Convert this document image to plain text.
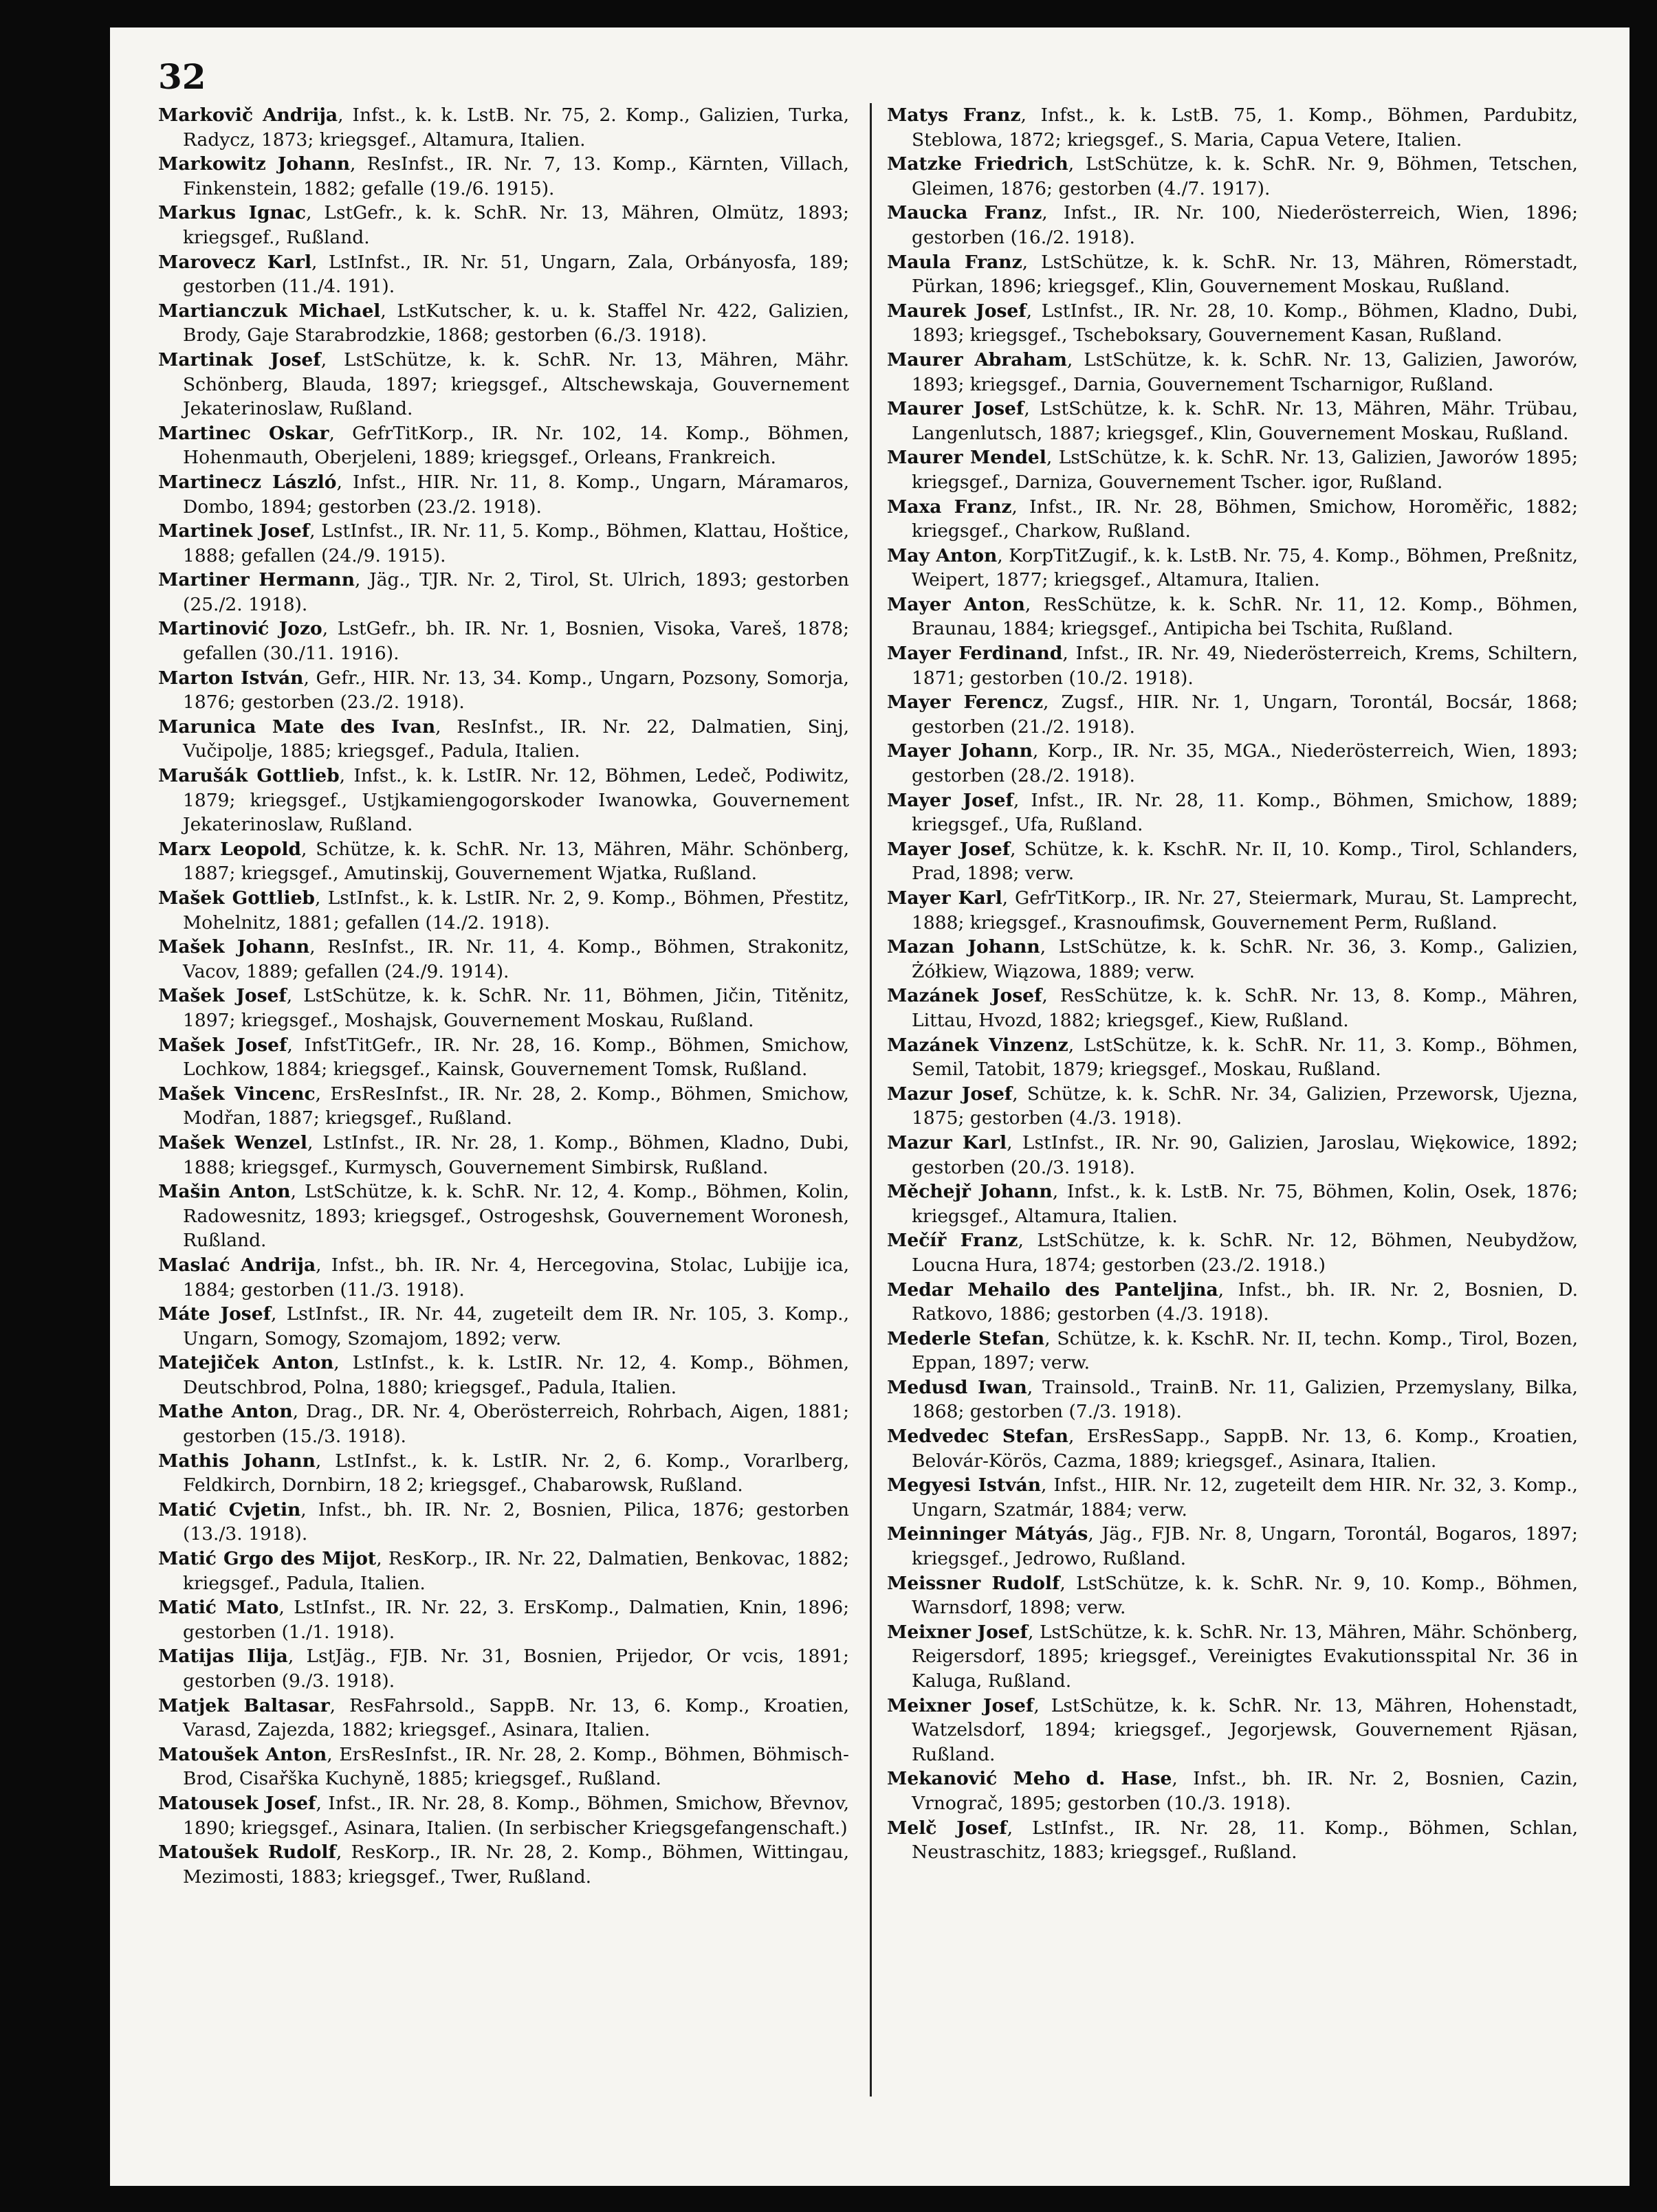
32

Markovič Andrija, Infst., k. k. LstB. Nr. 75, 2. Komp., Galizien, Turka, Radycz, 1873; kriegsgef., Altamura, Italien.

Markowitz Johann, ResInfst., IR. Nr. 7, 13. Komp., Kärnten, Villach, Finkenstein, 1882; gefalle (19./6. 1915).

Markus Ignac, LstGefr., k. k. SchR. Nr. 13, Mähren, Olmütz, 1893; kriegsgef., Rußland.

Marovecz Karl, LstInfst., IR. Nr. 51, Ungarn, Zala, Orbányosfa, 189; gestorben (11./4. 191).

Martianczuk Michael, LstKutscher, k. u. k. Staffel Nr. 422, Galizien, Brody, Gaje Starabrodzkie, 1868; gestorben (6./3. 1918).

Martinak Josef, LstSchütze, k. k. SchR. Nr. 13, Mähren, Mähr. Schönberg, Blauda, 1897; kriegsgef., Altschewskaja, Gouvernement Jekaterinoslaw, Rußland.

Martinec Oskar, GefrTitKorp., IR. Nr. 102, 14. Komp., Böhmen, Hohenmauth, Oberjeleni, 1889; kriegsgef., Orleans, Frankreich.

Martinecz László, Infst., HIR. Nr. 11, 8. Komp., Ungarn, Máramaros, Dombo, 1894; gestorben (23./2. 1918).

Martinek Josef, LstInfst., IR. Nr. 11, 5. Komp., Böhmen, Klattau, Hoštice, 1888; gefallen (24./9. 1915).

Martiner Hermann, Jäg., TJR. Nr. 2, Tirol, St. Ulrich, 1893; gestorben (25./2. 1918).

Martinović Jozo, LstGefr., bh. IR. Nr. 1, Bosnien, Visoka, Vareš, 1878; gefallen (30./11. 1916).

Marton István, Gefr., HIR. Nr. 13, 34. Komp., Ungarn, Pozsony, Somorja, 1876; gestorben (23./2. 1918).

Marunica Mate des Ivan, ResInfst., IR. Nr. 22, Dalmatien, Sinj, Vučipolje, 1885; kriegsgef., Padula, Italien.

Marušák Gottlieb, Infst., k. k. LstIR. Nr. 12, Böhmen, Ledeč, Podiwitz, 1879; kriegsgef., Ustjkamiengogorskoder Iwanowka, Gouvernement Jekaterinoslaw, Rußland.

Marx Leopold, Schütze, k. k. SchR. Nr. 13, Mähren, Mähr. Schönberg, 1887; kriegsgef., Amutinskij, Gouvernement Wjatka, Rußland.

Mašek Gottlieb, LstInfst., k. k. LstIR. Nr. 2, 9. Komp., Böhmen, Přestitz, Mohelnitz, 1881; gefallen (14./2. 1918).

Mašek Johann, ResInfst., IR. Nr. 11, 4. Komp., Böhmen, Strakonitz, Vacov, 1889; gefallen (24./9. 1914).

Mašek Josef, LstSchütze, k. k. SchR. Nr. 11, Böhmen, Jičin, Titěnitz, 1897; kriegsgef., Moshajsk, Gouvernement Moskau, Rußland.

Mašek Josef, InfstTitGefr., IR. Nr. 28, 16. Komp., Böhmen, Smichow, Lochkow, 1884; kriegsgef., Kainsk, Gouvernement Tomsk, Rußland.

Mašek Vincenc, ErsResInfst., IR. Nr. 28, 2. Komp., Böhmen, Smichow, Modřan, 1887; kriegsgef., Rußland.

Mašek Wenzel, LstInfst., IR. Nr. 28, 1. Komp., Böhmen, Kladno, Dubi, 1888; kriegsgef., Kurmysch, Gouvernement Simbirsk, Rußland.

Mašin Anton, LstSchütze, k. k. SchR. Nr. 12, 4. Komp., Böhmen, Kolin, Radowesnitz, 1893; kriegsgef., Ostrogeshsk, Gouvernement Woronesh, Rußland.

Maslać Andrija, Infst., bh. IR. Nr. 4, Hercegovina, Stolac, Lubijje ica, 1884; gestorben (11./3. 1918).

Máte Josef, LstInfst., IR. Nr. 44, zugeteilt dem IR. Nr. 105, 3. Komp., Ungarn, Somogy, Szomajom, 1892; verw.

Matejiček Anton, LstInfst., k. k. LstIR. Nr. 12, 4. Komp., Böhmen, Deutschbrod, Polna, 1880; kriegsgef., Padula, Italien.

Mathe Anton, Drag., DR. Nr. 4, Oberösterreich, Rohrbach, Aigen, 1881; gestorben (15./3. 1918).

Mathis Johann, LstInfst., k. k. LstIR. Nr. 2, 6. Komp., Vorarlberg, Feldkirch, Dornbirn, 18 2; kriegsgef., Chabarowsk, Rußland.

Matić Cvjetin, Infst., bh. IR. Nr. 2, Bosnien, Pilica, 1876; gestorben (13./3. 1918).

Matić Grgo des Mijot, ResKorp., IR. Nr. 22, Dalmatien, Benkovac, 1882; kriegsgef., Padula, Italien.

Matić Mato, LstInfst., IR. Nr. 22, 3. ErsKomp., Dalmatien, Knin, 1896; gestorben (1./1. 1918).

Matijas Ilija, LstJäg., FJB. Nr. 31, Bosnien, Prijedor, Or vcis, 1891; gestorben (9./3. 1918).

Matjek Baltasar, ResFahrsold., SappB. Nr. 13, 6. Komp., Kroatien, Varasd, Zajezda, 1882; kriegsgef., Asinara, Italien.

Matoušek Anton, ErsResInfst., IR. Nr. 28, 2. Komp., Böhmen, Böhmisch-Brod, Cisařška Kuchyně, 1885; kriegsgef., Rußland.

Matousek Josef, Infst., IR. Nr. 28, 8. Komp., Böhmen, Smichow, Břevnov, 1890; kriegsgef., Asinara, Italien. (In serbischer Kriegsgefangenschaft.)

Matoušek Rudolf, ResKorp., IR. Nr. 28, 2. Komp., Böhmen, Wittingau, Mezimosti, 1883; kriegsgef., Twer, Rußland.

Matys Franz, Infst., k. k. LstB. 75, 1. Komp., Böhmen, Pardubitz, Steblowa, 1872; kriegsgef., S. Maria, Capua Vetere, Italien.

Matzke Friedrich, LstSchütze, k. k. SchR. Nr. 9, Böhmen, Tetschen, Gleimen, 1876; gestorben (4./7. 1917).

Maucka Franz, Infst., IR. Nr. 100, Niederösterreich, Wien, 1896; gestorben (16./2. 1918).

Maula Franz, LstSchütze, k. k. SchR. Nr. 13, Mähren, Römerstadt, Pürkan, 1896; kriegsgef., Klin, Gouvernement Moskau, Rußland.

Maurek Josef, LstInfst., IR. Nr. 28, 10. Komp., Böhmen, Kladno, Dubi, 1893; kriegsgef., Tscheboksary, Gouvernement Kasan, Rußland.

Maurer Abraham, LstSchütze, k. k. SchR. Nr. 13, Galizien, Jaworów, 1893; kriegsgef., Darnia, Gouvernement Tscharnigor, Rußland.

Maurer Josef, LstSchütze, k. k. SchR. Nr. 13, Mähren, Mähr. Trübau, Langenlutsch, 1887; kriegsgef., Klin, Gouvernement Moskau, Rußland.

Maurer Mendel, LstSchütze, k. k. SchR. Nr. 13, Galizien, Jaworów 1895; kriegsgef., Darniza, Gouvernement Tscher. igor, Rußland.

Maxa Franz, Infst., IR. Nr. 28, Böhmen, Smichow, Horoměřic, 1882; kriegsgef., Charkow, Rußland.

May Anton, KorpTitZugif., k. k. LstB. Nr. 75, 4. Komp., Böhmen, Preßnitz, Weipert, 1877; kriegsgef., Altamura, Italien.

Mayer Anton, ResSchütze, k. k. SchR. Nr. 11, 12. Komp., Böhmen, Braunau, 1884; kriegsgef., Antipicha bei Tschita, Rußland.

Mayer Ferdinand, Infst., IR. Nr. 49, Niederösterreich, Krems, Schiltern, 1871; gestorben (10./2. 1918).

Mayer Ferencz, Zugsf., HIR. Nr. 1, Ungarn, Torontál, Bocsár, 1868; gestorben (21./2. 1918).

Mayer Johann, Korp., IR. Nr. 35, MGA., Niederösterreich, Wien, 1893; gestorben (28./2. 1918).

Mayer Josef, Infst., IR. Nr. 28, 11. Komp., Böhmen, Smichow, 1889; kriegsgef., Ufa, Rußland.

Mayer Josef, Schütze, k. k. KschR. Nr. II, 10. Komp., Tirol, Schlanders, Prad, 1898; verw.

Mayer Karl, GefrTitKorp., IR. Nr. 27, Steiermark, Murau, St. Lamprecht, 1888; kriegsgef., Krasnoufimsk, Gouvernement Perm, Rußland.

Mazan Johann, LstSchütze, k. k. SchR. Nr. 36, 3. Komp., Galizien, Żółkiew, Wiązowa, 1889; verw.

Mazánek Josef, ResSchütze, k. k. SchR. Nr. 13, 8. Komp., Mähren, Littau, Hvozd, 1882; kriegsgef., Kiew, Rußland.

Mazánek Vinzenz, LstSchütze, k. k. SchR. Nr. 11, 3. Komp., Böhmen, Semil, Tatobit, 1879; kriegsgef., Moskau, Rußland.

Mazur Josef, Schütze, k. k. SchR. Nr. 34, Galizien, Przeworsk, Ujezna, 1875; gestorben (4./3. 1918).

Mazur Karl, LstInfst., IR. Nr. 90, Galizien, Jaroslau, Więkowice, 1892; gestorben (20./3. 1918).

Měchejř Johann, Infst., k. k. LstB. Nr. 75, Böhmen, Kolin, Osek, 1876; kriegsgef., Altamura, Italien.

Mečíř Franz, LstSchütze, k. k. SchR. Nr. 12, Böhmen, Neubydžow, Loucna Hura, 1874; gestorben (23./2. 1918.)

Medar Mehailo des Panteljina, Infst., bh. IR. Nr. 2, Bosnien, D. Ratkovo, 1886; gestorben (4./3. 1918).

Mederle Stefan, Schütze, k. k. KschR. Nr. II, techn. Komp., Tirol, Bozen, Eppan, 1897; verw.

Medusd Iwan, Trainsold., TrainB. Nr. 11, Galizien, Przemyslany, Bilka, 1868; gestorben (7./3. 1918).

Medvedec Stefan, ErsResSapp., SappB. Nr. 13, 6. Komp., Kroatien, Belovár-Körös, Cazma, 1889; kriegsgef., Asinara, Italien.

Megyesi István, Infst., HIR. Nr. 12, zugeteilt dem HIR. Nr. 32, 3. Komp., Ungarn, Szatmár, 1884; verw.

Meinninger Mátyás, Jäg., FJB. Nr. 8, Ungarn, Torontál, Bogaros, 1897; kriegsgef., Jedrowo, Rußland.

Meissner Rudolf, LstSchütze, k. k. SchR. Nr. 9, 10. Komp., Böhmen, Warnsdorf, 1898; verw.

Meixner Josef, LstSchütze, k. k. SchR. Nr. 13, Mähren, Mähr. Schönberg, Reigersdorf, 1895; kriegsgef., Vereinigtes Evakutionsspital Nr. 36 in Kaluga, Rußland.

Meixner Josef, LstSchütze, k. k. SchR. Nr. 13, Mähren, Hohenstadt, Watzelsdorf, 1894; kriegsgef., Jegorjewsk, Gouvernement Rjäsan, Rußland.

Mekanović Meho d. Hase, Infst., bh. IR. Nr. 2, Bosnien, Cazin, Vrnograč, 1895; gestorben (10./3. 1918).

Melč Josef, LstInfst., IR. Nr. 28, 11. Komp., Böhmen, Schlan, Neustraschitz, 1883; kriegsgef., Rußland.
